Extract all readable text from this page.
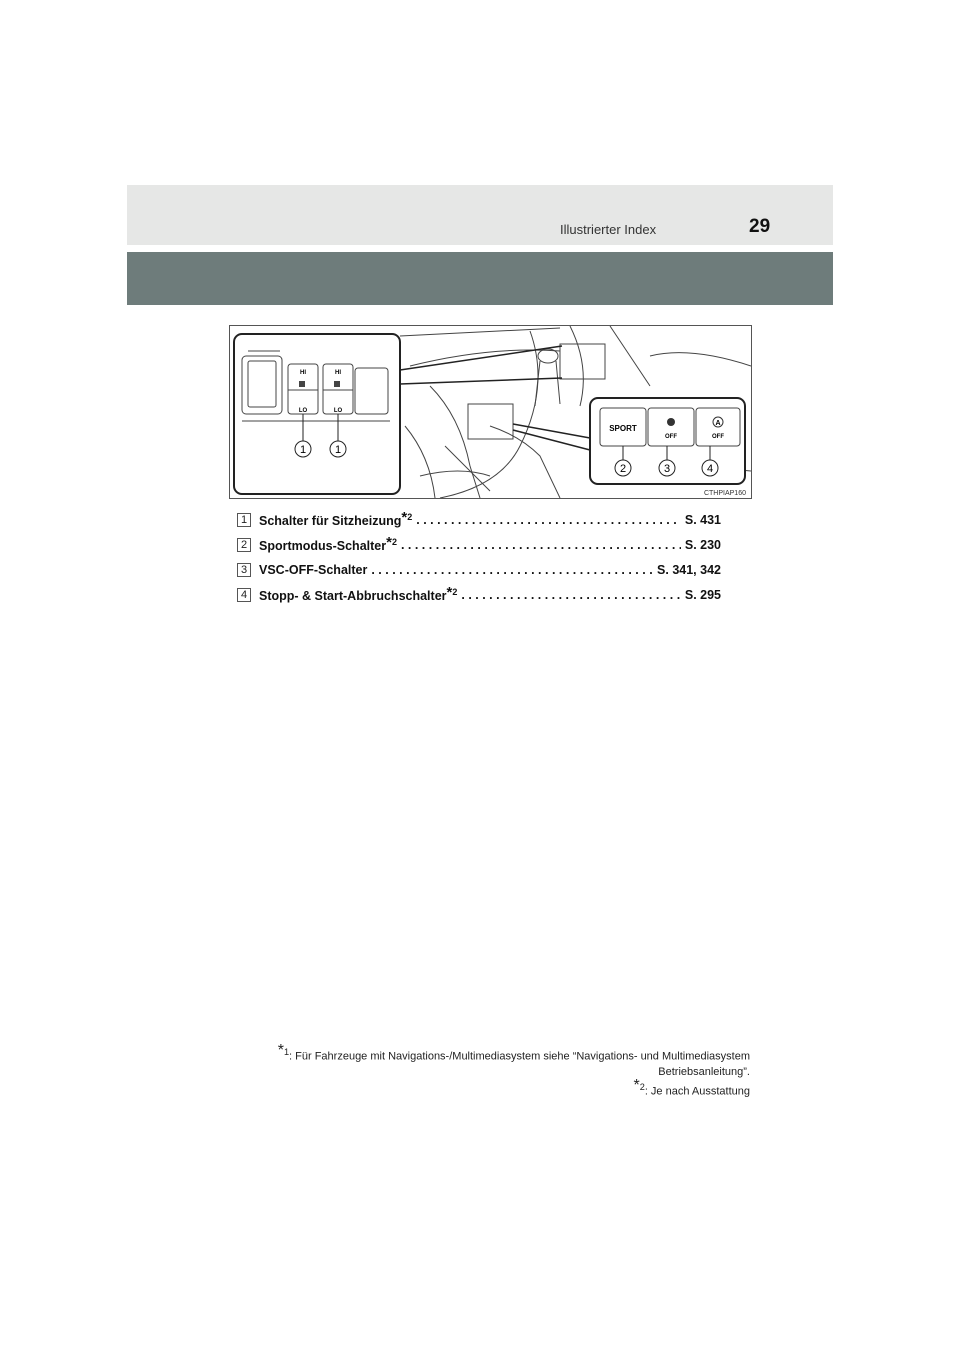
Illustrierter Index	29
HI	HI
LO	LO
1	1
SPORT
OFF
A
OFF
2	3	4
CTHPIAP160
1 Schalter für Sitzheizung*$^2$ . . .	S. 431
2 Sportmodus-Schalter*$^2$ . . .	S. 230
3 VSC-OFF-Schalter . . .	S. 341, 342
4 Stopp- & Start-Abbruchschalter*$^2$ . . .	S. 295
*$^1$: Für Fahrzeuge mit Navigations-/Multimediasystem siehe “Navigations- und Multimediasystem
Betriebsanleitung”.
*$^2$: Je nach Ausstattung
